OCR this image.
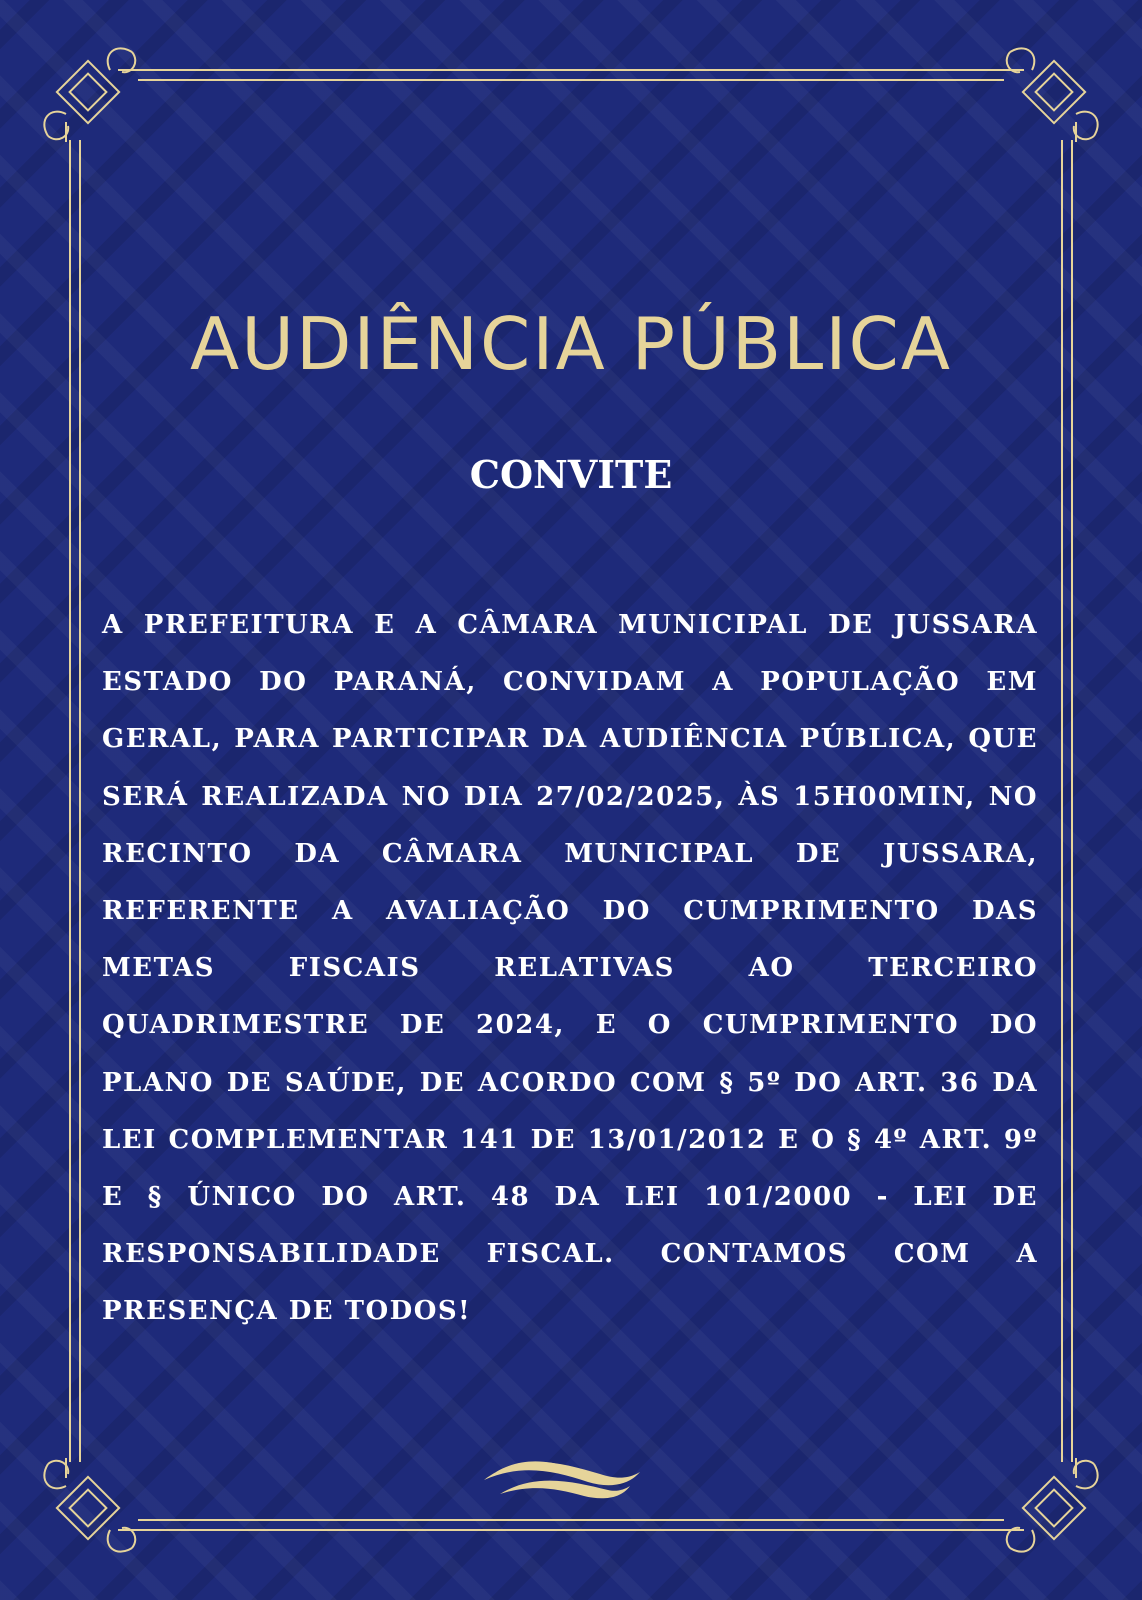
AUDIÊNCIA PÚBLICA
CONVITE

A PREFEITURA E A CÂMARA MUNICIPAL DE JUSSARA ESTADO DO PARANÁ, CONVIDAM A POPULAÇÃO EM GERAL, PARA PARTICIPAR DA AUDIÊNCIA PÚBLICA, QUE SERÁ REALIZADA NO DIA 27/02/2025, ÀS 15H00MIN, NO RECINTO DA CÂMARA MUNICIPAL DE JUSSARA, REFERENTE A AVALIAÇÃO DO CUMPRIMENTO DAS METAS FISCAIS RELATIVAS AO TERCEIRO QUADRIMESTRE DE 2024, E O CUMPRIMENTO DO PLANO DE SAÚDE, DE ACORDO COM § 5º DO ART. 36 DA LEI COMPLEMENTAR 141 DE 13/01/2012 E O § 4º ART. 9º E § ÚNICO DO ART. 48 DA LEI 101/2000 - LEI DE RESPONSABILIDADE FISCAL. CONTAMOS COM A PRESENÇA DE TODOS!
